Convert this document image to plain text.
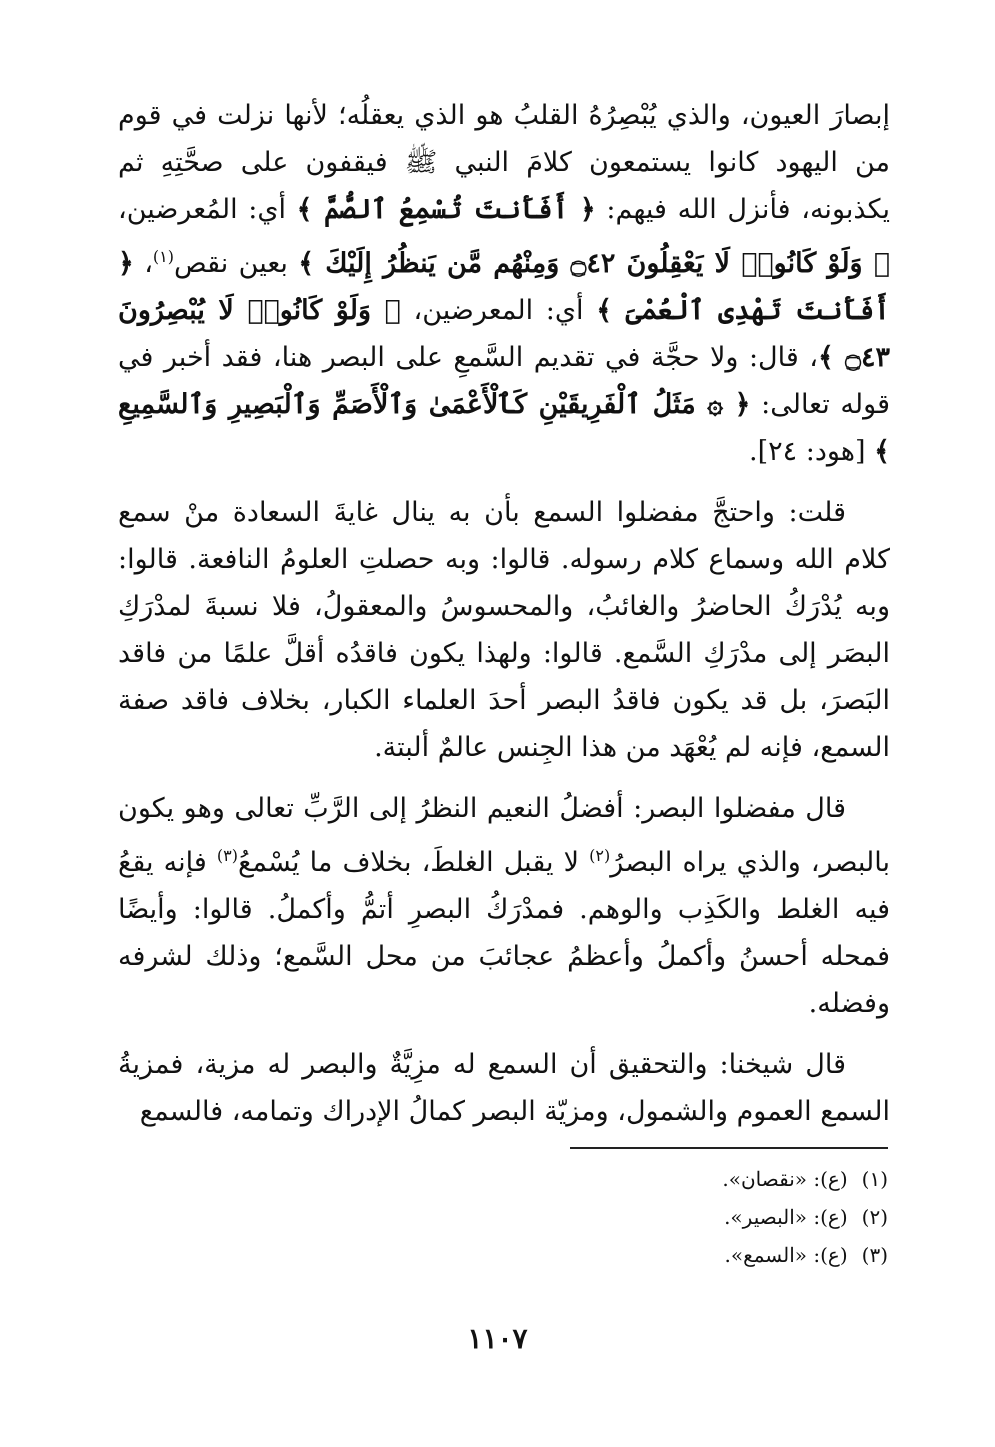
إبصارَ العيون، والذي يُبْصِرُهُ القلبُ هو الذي يعقلُه؛ لأنها نزلت في قوم من اليهود كانوا يستمعون كلامَ النبي ﷺ فيقفون على صحَّتِهِ ثم يكذبونه، فأنزل الله فيهم: ﴿ أَفَأَنتَ تُسْمِعُ ٱلصُّمَّ ﴾ أي: المُعرضين، ﴿ وَلَوْ كَانُوا۟ لَا يَعْقِلُونَ ۝٤٢ وَمِنْهُم مَّن يَنظُرُ إِلَيْكَ ﴾ بعين نقص$^{(١)}$، ﴿ أَفَأَنتَ تَهْدِى ٱلْعُمْىَ ﴾ أي: المعرضين، ﴿ وَلَوْ كَانُوا۟ لَا يُبْصِرُونَ ۝٤٣ ﴾، قال: ولا حجَّة في تقديم السَّمعِ على البصر هنا، فقد أخبر في قوله تعالى: ﴿ ۞ مَثَلُ ٱلْفَرِيقَيْنِ كَٱلْأَعْمَىٰ وَٱلْأَصَمِّ وَٱلْبَصِيرِ وَٱلسَّمِيعِ ﴾ [هود: ٢٤].

قلت: واحتجَّ مفضلوا السمع بأن به ينال غايةَ السعادة منْ سمع كلام الله وسماع كلام رسوله. قالوا: وبه حصلتِ العلومُ النافعة. قالوا: وبه يُدْرَكُ الحاضرُ والغائبُ، والمحسوسُ والمعقولُ، فلا نسبةَ لمدْرَكِ البصَر إلى مدْرَكِ السَّمع. قالوا: ولهذا يكون فاقدُه أقلَّ علمًا من فاقد البَصرَ، بل قد يكون فاقدُ البصر أحدَ العلماء الكبار، بخلاف فاقد صفة السمع، فإنه لم يُعْهَد من هذا الجِنس عالمٌ ألبتة.

قال مفضلوا البصر: أفضلُ النعيم النظرُ إلى الرَّبِّ تعالى وهو يكون بالبصر، والذي يراه البصرُ$^{(٢)}$ لا يقبل الغلطَ، بخلاف ما يُسْمعُ$^{(٣)}$ فإنه يقعُ فيه الغلط والكَذِب والوهم. فمدْرَكُ البصرِ أتمُّ وأكملُ. قالوا: وأيضًا فمحله أحسنُ وأكملُ وأعظمُ عجائبَ من محل السَّمع؛ وذلك لشرفه وفضله.

قال شيخنا: والتحقيق أن السمع له مزِيَّةٌ والبصر له مزية، فمزيةُ السمع العموم والشمول، ومزيّة البصر كمالُ الإدراك وتمامه، فالسمع

(١) (ع): «نقصان».
(٢) (ع): «البصير».
(٣) (ع): «السمع».
١١٠٧
